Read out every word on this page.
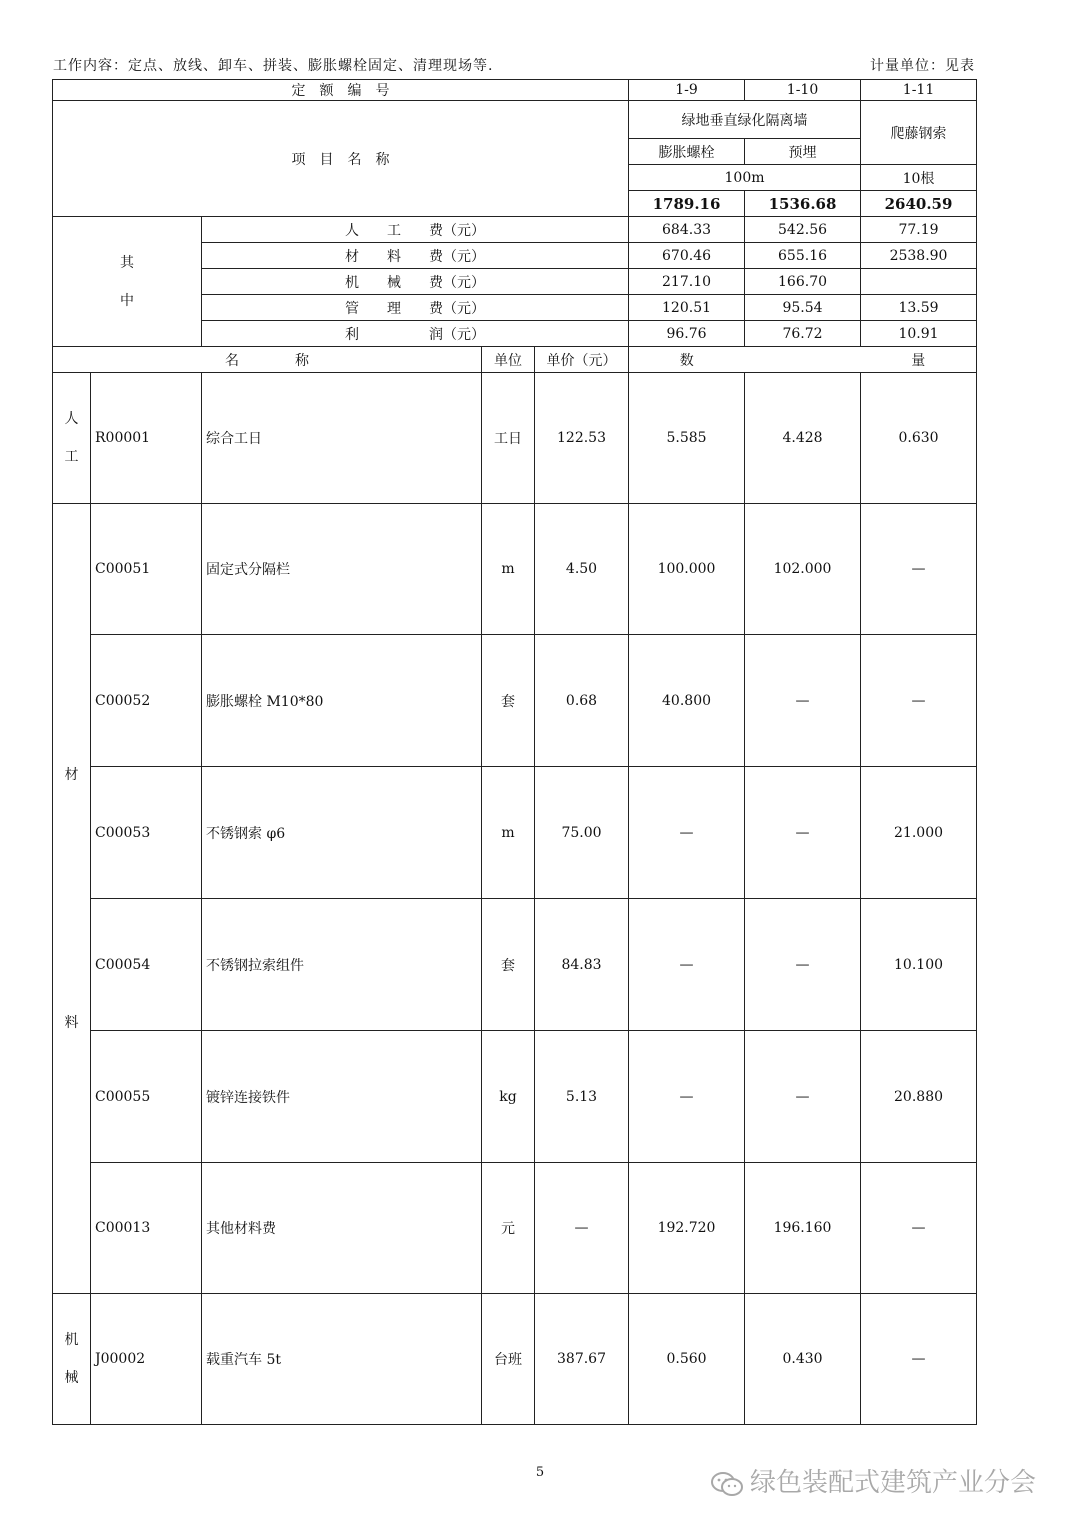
工作内容：定点、放线、卸车、拼装、膨胀螺栓固定、清理现场等.	计量单位：见表
定　额　编　号					1-9	1-10	1-11
项　目　名　称					绿地垂直绿化隔离墙		爬藤钢索
					膨胀螺栓	预埋	
					100m		10根
					1789.16	1536.68	2640.59

其
中		人　　工　　费（元）			684.33	542.56	77.19
		材　　料　　费（元）			670.46	655.16	2538.90
		机　　械　　费（元）			217.10	166.70	
		管　　理　　费（元）			120.51	95.54	13.59
		利　　　　　润（元）			96.76	76.72	10.91
名　　　　称			单位	单价（元）	数		量

人
工	R00001	综合工日	工日	122.53	5.585	4.428	0.630

材
料	C00051	固定式分隔栏	m	4.50	100.000	102.000	—
	C00052	膨胀螺栓 M10*80	套	0.68	40.800	—	—
	C00053	不锈钢索 φ6	m	75.00	—	—	21.000
	C00054	不锈钢拉索组件	套	84.83	—	—	10.100
	C00055	镀锌连接铁件	kg	5.13	—	—	20.880
	C00013	其他材料费	元	—	192.720	196.160	—

机
械	J00002	载重汽车 5t	台班	387.67	0.560	0.430	—
5	绿色装配式建筑产业分会
